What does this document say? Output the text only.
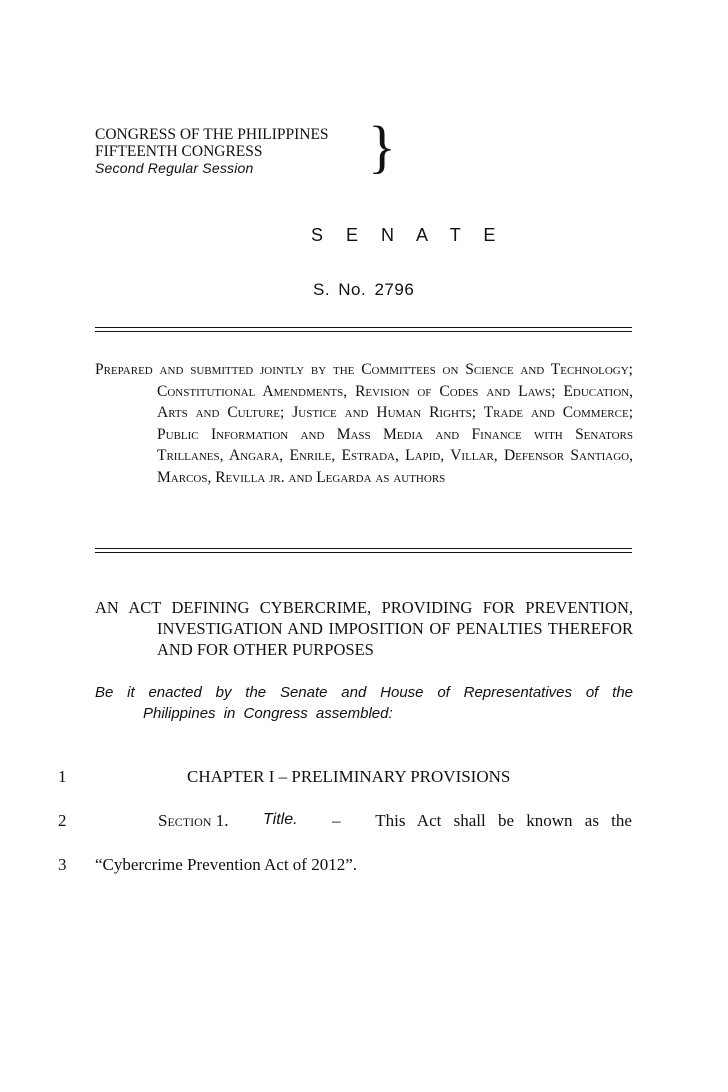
CONGRESS OF THE PHILIPPINES
FIFTEENTH CONGRESS
Second Regular Session	}
S E N A T E
S. No. 2796
Prepared and submitted jointly by the Committees on Science and Technology; Constitutional Amendments, Revision of Codes and Laws; Education, Arts and Culture; Justice and Human Rights; Trade and Commerce; Public Information and Mass Media and Finance with Senators Trillanes, Angara, Enrile, Estrada, Lapid, Villar, Defensor Santiago, Marcos, Revilla jr. and Legarda as authors
AN ACT DEFINING CYBERCRIME, PROVIDING FOR PREVENTION, INVESTIGATION AND IMPOSITION OF PENALTIES THEREFOR AND FOR OTHER PURPOSES
Be it enacted by the Senate and House of Representatives of the Philippines in Congress assembled:
1	CHAPTER I – PRELIMINARY PROVISIONS
2	Section 1. Title. – This Act shall be known as the
3 “Cybercrime Prevention Act of 2012”.
